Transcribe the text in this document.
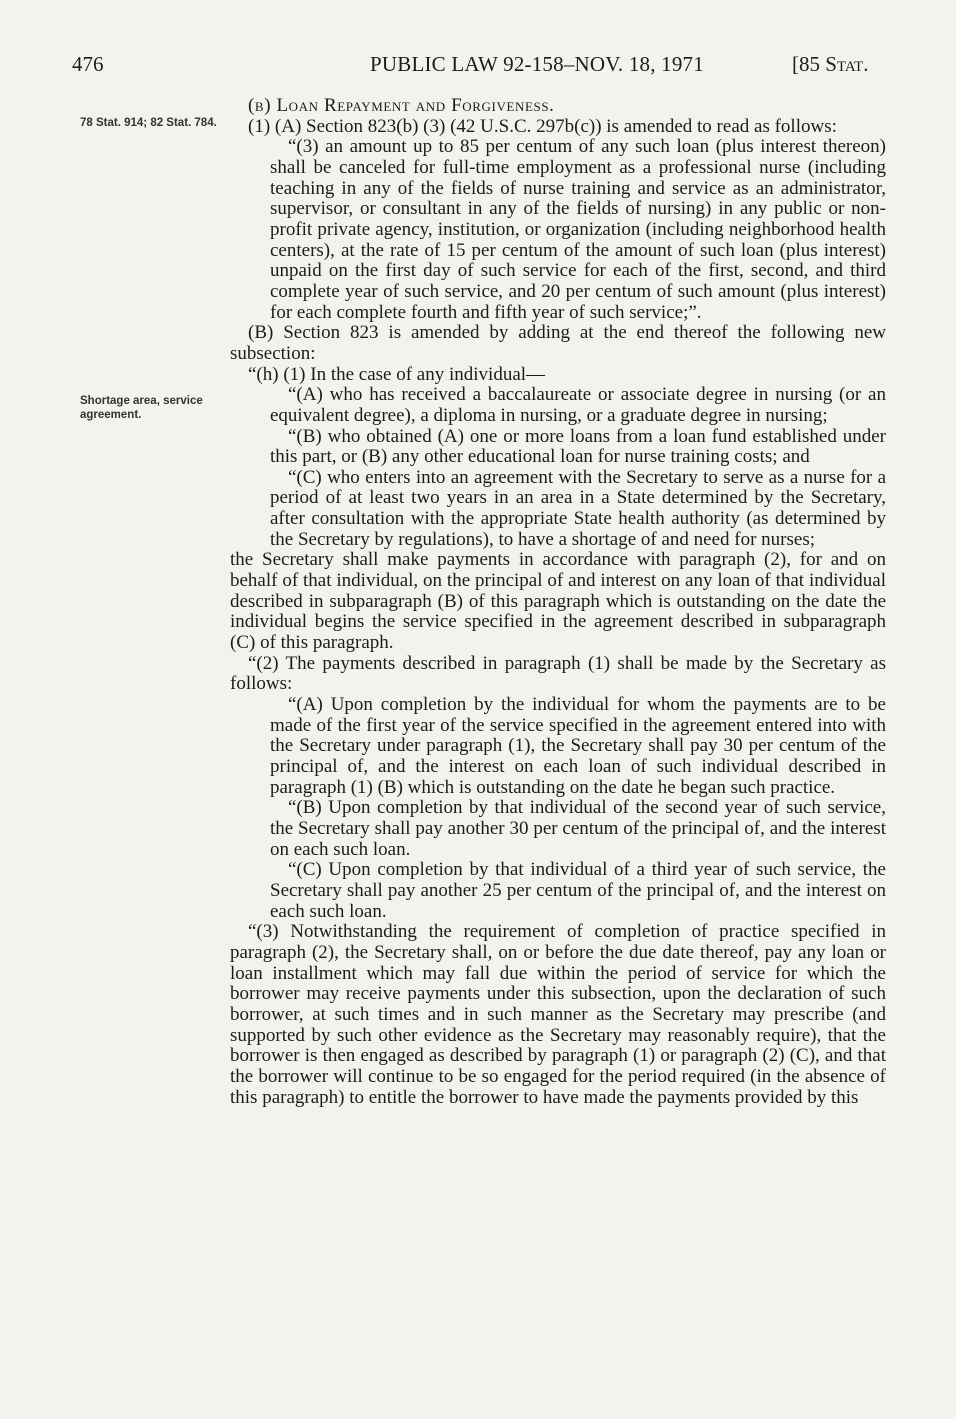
476	PUBLIC LAW 92-158–NOV. 18, 1971	[85 Stat.
78 Stat. 914; 82 Stat. 784.
Shortage area, service agreement.

(b) Loan Repayment and Forgiveness.

(1) (A) Section 823(b) (3) (42 U.S.C. 297b(c)) is amended to read as follows:

“(3) an amount up to 85 per centum of any such loan (plus interest thereon) shall be canceled for full-time employment as a professional nurse (including teaching in any of the fields of nurse training and service as an administrator, supervisor, or consultant in any of the fields of nursing) in any public or non-profit private agency, institution, or organization (including neighborhood health centers), at the rate of 15 per centum of the amount of such loan (plus interest) unpaid on the first day of such service for each of the first, second, and third complete year of such service, and 20 per centum of such amount (plus interest) for each complete fourth and fifth year of such service;”.

(B) Section 823 is amended by adding at the end thereof the following new subsection:

“(h) (1) In the case of any individual—

“(A) who has received a baccalaureate or associate degree in nursing (or an equivalent degree), a diploma in nursing, or a graduate degree in nursing;

“(B) who obtained (A) one or more loans from a loan fund established under this part, or (B) any other educational loan for nurse training costs; and

“(C) who enters into an agreement with the Secretary to serve as a nurse for a period of at least two years in an area in a State determined by the Secretary, after consultation with the appropriate State health authority (as determined by the Secretary by regulations), to have a shortage of and need for nurses;

the Secretary shall make payments in accordance with paragraph (2), for and on behalf of that individual, on the principal of and interest on any loan of that individual described in subparagraph (B) of this paragraph which is outstanding on the date the individual begins the service specified in the agreement described in subparagraph (C) of this paragraph.

“(2) The payments described in paragraph (1) shall be made by the Secretary as follows:

“(A) Upon completion by the individual for whom the payments are to be made of the first year of the service specified in the agreement entered into with the Secretary under paragraph (1), the Secretary shall pay 30 per centum of the principal of, and the interest on each loan of such individual described in paragraph (1) (B) which is outstanding on the date he began such practice.

“(B) Upon completion by that individual of the second year of such service, the Secretary shall pay another 30 per centum of the principal of, and the interest on each such loan.

“(C) Upon completion by that individual of a third year of such service, the Secretary shall pay another 25 per centum of the principal of, and the interest on each such loan.

“(3) Notwithstanding the requirement of completion of practice specified in paragraph (2), the Secretary shall, on or before the due date thereof, pay any loan or loan installment which may fall due within the period of service for which the borrower may receive payments under this subsection, upon the declaration of such borrower, at such times and in such manner as the Secretary may prescribe (and supported by such other evidence as the Secretary may reasonably require), that the borrower is then engaged as described by paragraph (1) or paragraph (2) (C), and that the borrower will continue to be so engaged for the period required (in the absence of this paragraph) to entitle the borrower to have made the payments provided by this
